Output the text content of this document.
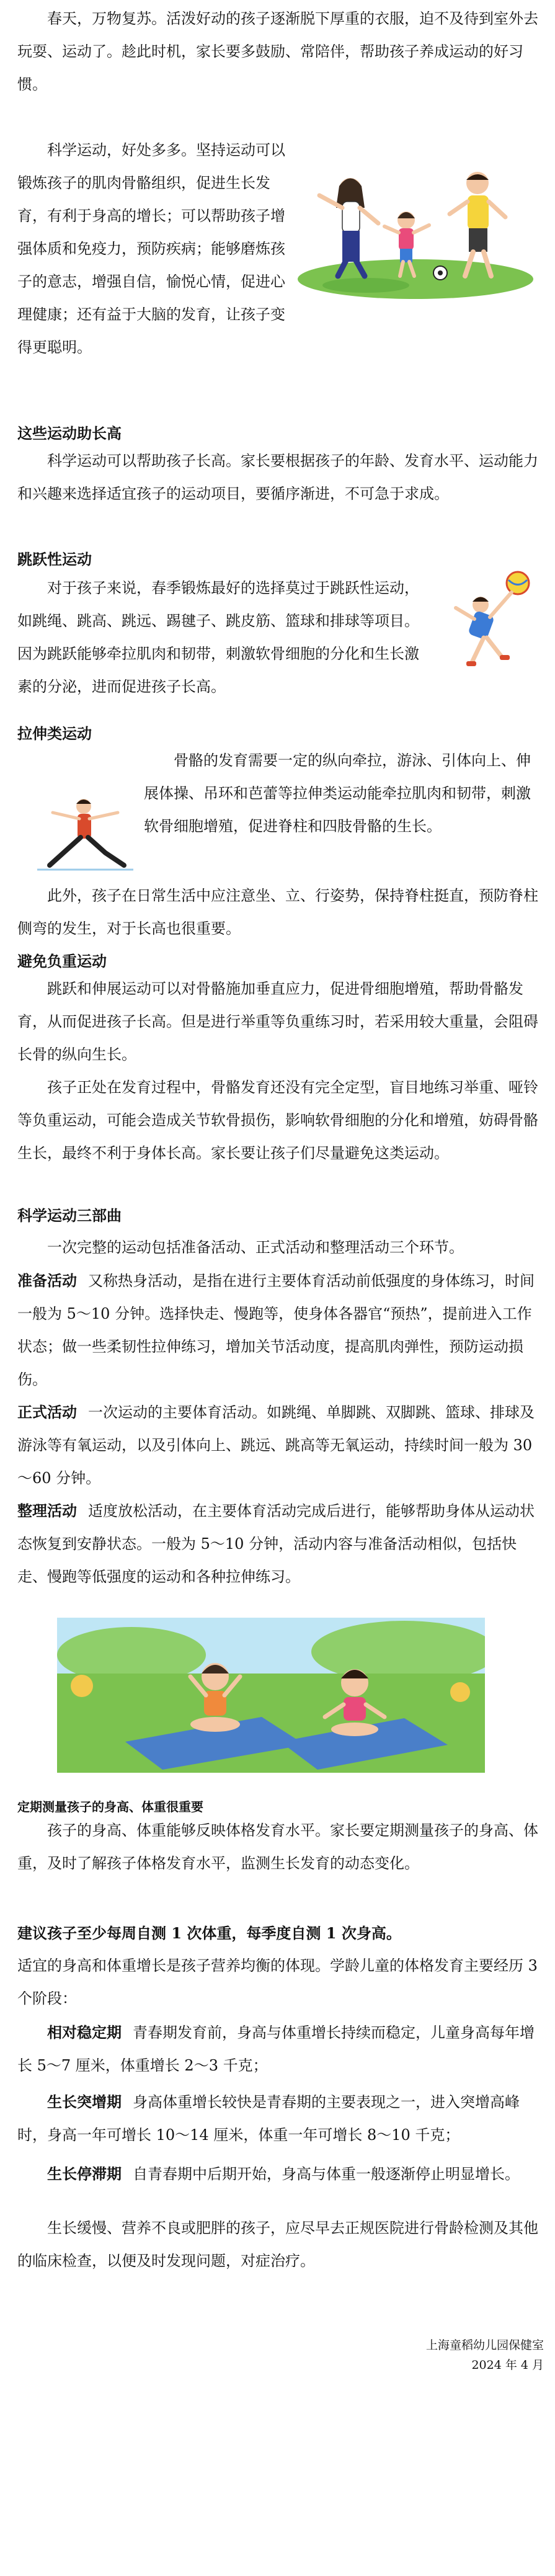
春天，万物复苏。活泼好动的孩子逐渐脱下厚重的衣服，迫不及待到室外去玩耍、运动了。趁此时机，家长要多鼓励、常陪伴，帮助孩子养成运动的好习惯。

科学运动，好处多多。坚持运动可以锻炼孩子的肌肉骨骼组织，促进生长发育，有利于身高的增长；可以帮助孩子增强体质和免疫力，预防疾病；能够磨炼孩子的意志，增强自信，愉悦心情，促进心理健康；还有益于大脑的发育，让孩子变得更聪明。

这些运动助长高

科学运动可以帮助孩子长高。家长要根据孩子的年龄、发育水平、运动能力和兴趣来选择适宜孩子的运动项目，要循序渐进，不可急于求成。

跳跃性运动

对于孩子来说，春季锻炼最好的选择莫过于跳跃性运动，如跳绳、跳高、跳远、踢毽子、跳皮筋、篮球和排球等项目。因为跳跃能够牵拉肌肉和韧带，刺激软骨细胞的分化和生长激素的分泌，进而促进孩子长高。

拉伸类运动

骨骼的发育需要一定的纵向牵拉，游泳、引体向上、伸展体操、吊环和芭蕾等拉伸类运动能牵拉肌肉和韧带，刺激软骨细胞增殖，促进脊柱和四肢骨骼的生长。

此外，孩子在日常生活中应注意坐、立、行姿势，保持脊柱挺直，预防脊柱侧弯的发生，对于长高也很重要。

避免负重运动

跳跃和伸展运动可以对骨骼施加垂直应力，促进骨细胞增殖，帮助骨骼发育，从而促进孩子长高。但是进行举重等负重练习时，若采用较大重量，会阻碍长骨的纵向生长。

孩子正处在发育过程中，骨骼发育还没有完全定型，盲目地练习举重、哑铃等负重运动，可能会造成关节软骨损伤，影响软骨细胞的分化和增殖，妨碍骨骼生长，最终不利于身体长高。家长要让孩子们尽量避免这类运动。

科学运动三部曲

一次完整的运动包括准备活动、正式活动和整理活动三个环节。

准备活动 又称热身活动，是指在进行主要体育活动前低强度的身体练习，时间一般为 5～10 分钟。选择快走、慢跑等，使身体各器官“预热”，提前进入工作状态；做一些柔韧性拉伸练习，增加关节活动度，提高肌肉弹性，预防运动损伤。

正式活动 一次运动的主要体育活动。如跳绳、单脚跳、双脚跳、篮球、排球及游泳等有氧运动，以及引体向上、跳远、跳高等无氧运动，持续时间一般为 30～60 分钟。

整理活动 适度放松活动，在主要体育活动完成后进行，能够帮助身体从运动状态恢复到安静状态。一般为 5～10 分钟，活动内容与准备活动相似，包括快走、慢跑等低强度的运动和各种拉伸练习。

定期测量孩子的身高、体重很重要

孩子的身高、体重能够反映体格发育水平。家长要定期测量孩子的身高、体重，及时了解孩子体格发育水平，监测生长发育的动态变化。

建议孩子至少每周自测 1 次体重，每季度自测 1 次身高。

适宜的身高和体重增长是孩子营养均衡的体现。学龄儿童的体格发育主要经历 3 个阶段：

相对稳定期 青春期发育前，身高与体重增长持续而稳定，儿童身高每年增长 5～7 厘米，体重增长 2～3 千克；

生长突增期 身高体重增长较快是青春期的主要表现之一，进入突增高峰时，身高一年可增长 10～14 厘米，体重一年可增长 8～10 千克；

生长停滞期 自青春期中后期开始，身高与体重一般逐渐停止明显增长。

生长缓慢、营养不良或肥胖的孩子，应尽早去正规医院进行骨龄检测及其他的临床检查，以便及时发现问题，对症治疗。

上海童稻幼儿园保健室

2024 年 4 月
